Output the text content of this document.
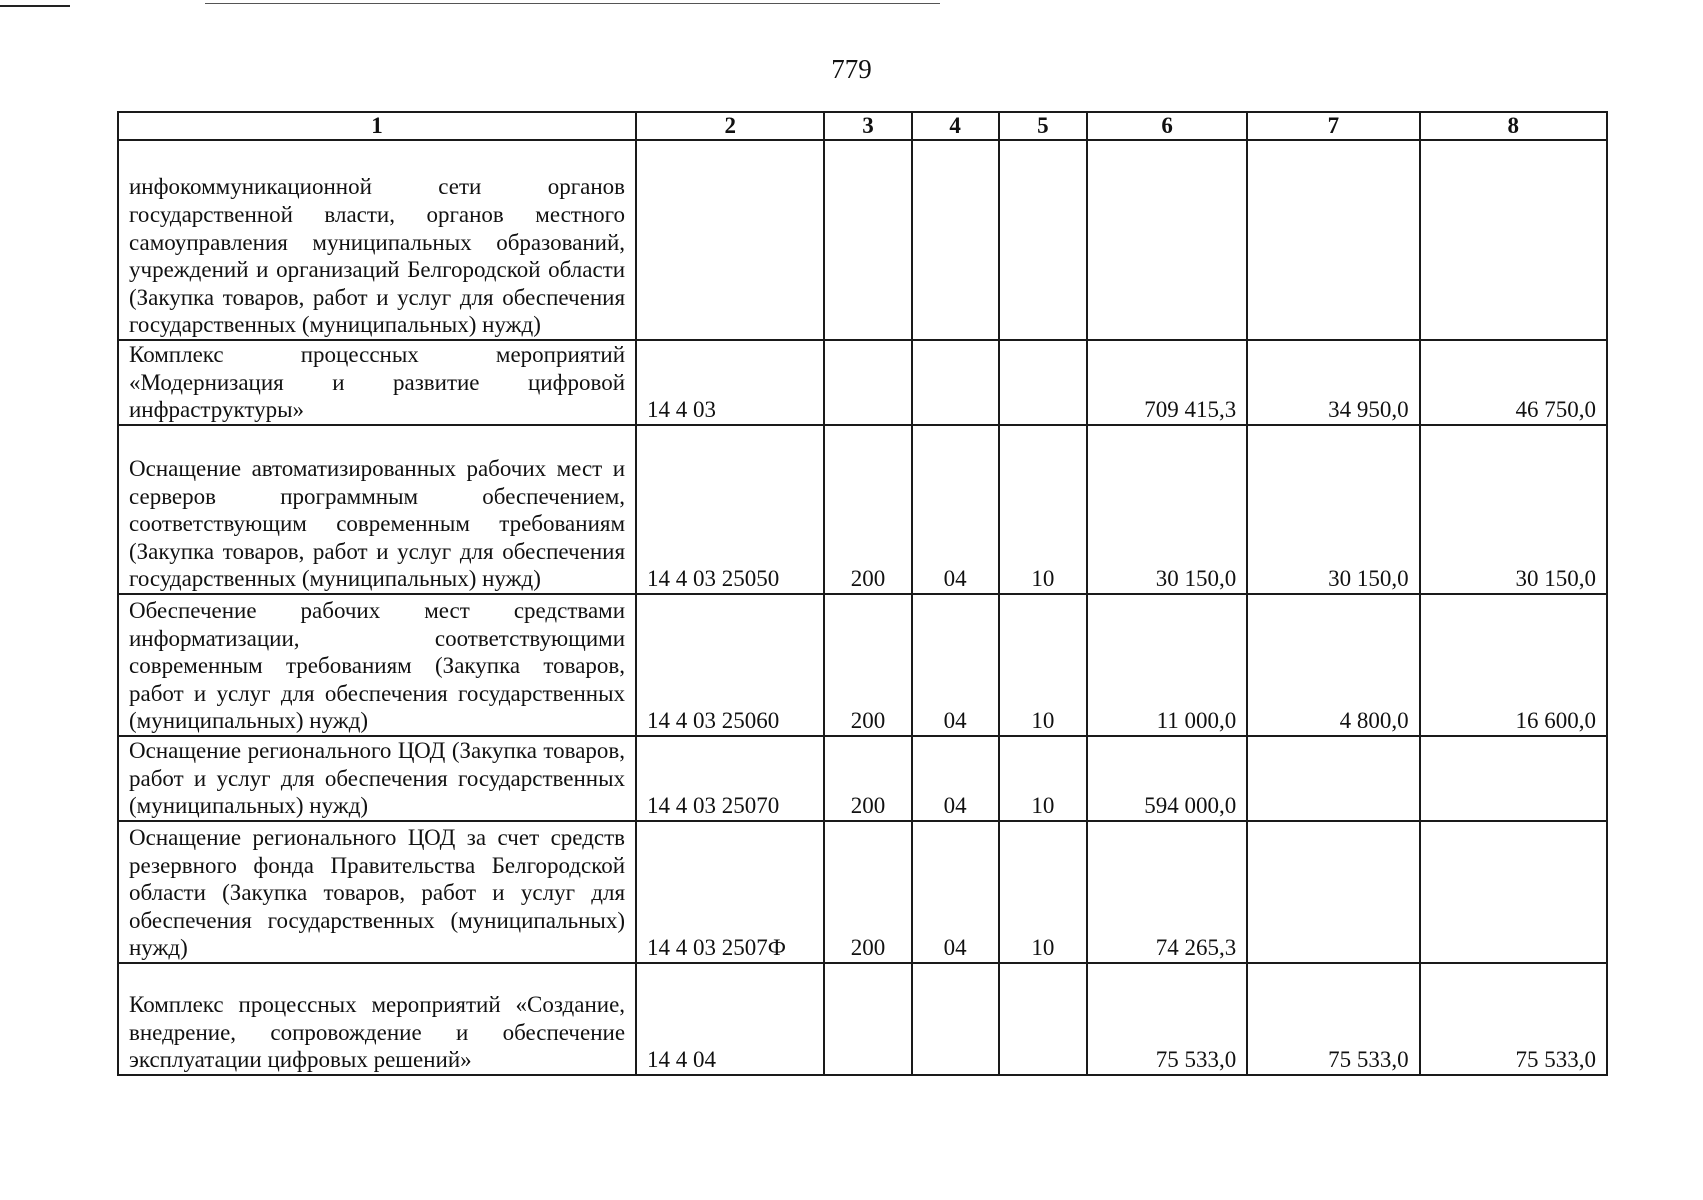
779
1	2	3	4	5	6	7	8
инфокоммуникационной сети органов государственной власти, органов местного самоуправления муниципальных образований, учреждений и организаций Белгородской области (Закупка товаров, работ и услуг для обеспечения государственных (муниципальных) нужд)							
Комплекс процессных мероприятий «Модернизация и развитие цифровой инфраструктуры»	14 4 03				709 415,3	34 950,0	46 750,0
Оснащение автоматизированных рабочих мест и серверов программным обеспечением, соответствующим современным требованиям (Закупка товаров, работ и услуг для обеспечения государственных (муниципальных) нужд)	14 4 03 25050	200	04	10	30 150,0	30 150,0	30 150,0
Обеспечение рабочих мест средствами информатизации, соответствующими современным требованиям (Закупка товаров, работ и услуг для обеспечения государственных (муниципальных) нужд)	14 4 03 25060	200	04	10	11 000,0	4 800,0	16 600,0
Оснащение регионального ЦОД (Закупка товаров, работ и услуг для обеспечения государственных (муниципальных) нужд)	14 4 03 25070	200	04	10	594 000,0		
Оснащение регионального ЦОД за счет средств резервного фонда Правительства Белгородской области (Закупка товаров, работ и услуг для обеспечения государственных (муниципальных) нужд)	14 4 03 2507Ф	200	04	10	74 265,3		
Комплекс процессных мероприятий «Создание, внедрение, сопровождение и обеспечение эксплуатации цифровых решений»	14 4 04				75 533,0	75 533,0	75 533,0
